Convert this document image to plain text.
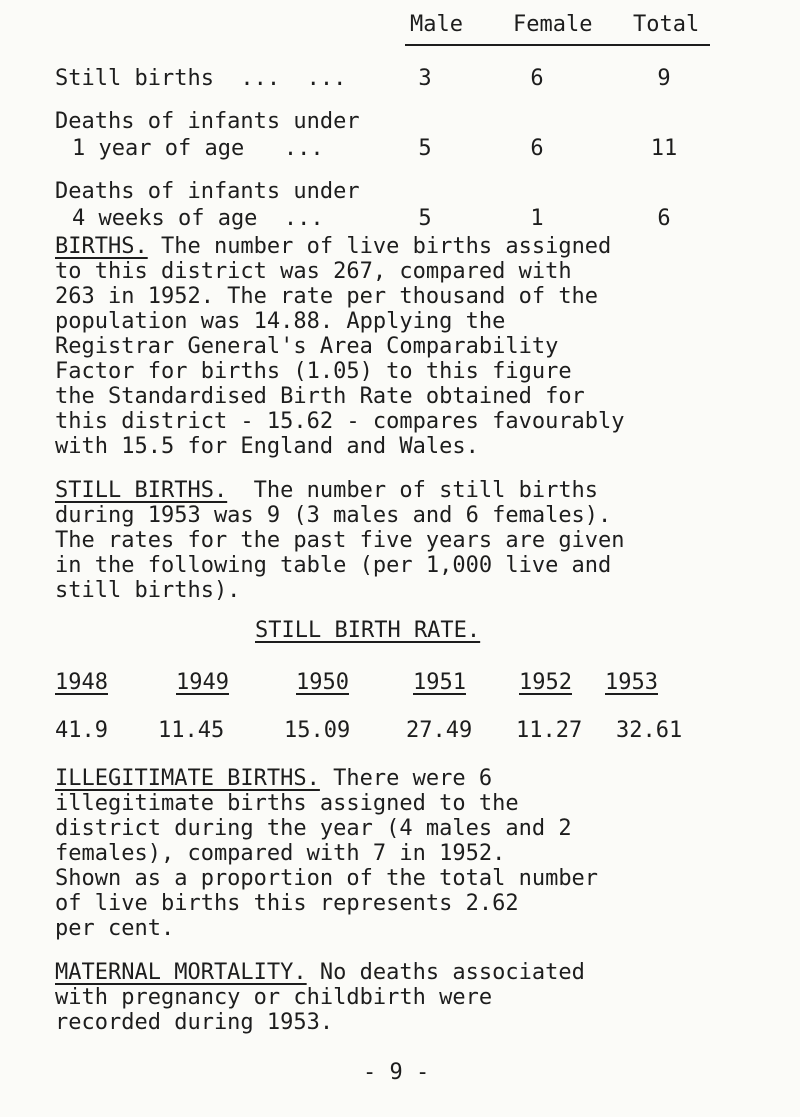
Male Female Total
Still births  ...  ...	3	6	9
Deaths of infants under
1 year of age   ...	5	6	11
Deaths of infants under
4 weeks of age  ...	5	1	6
BIRTHS. The number of live births assigned
to this district was 267, compared with
263 in 1952. The rate per thousand of the
population was 14.88. Applying the
Registrar General's Area Comparability
Factor for births (1.05) to this figure
the Standardised Birth Rate obtained for
this district - 15.62 - compares favourably
with 15.5 for England and Wales.
STILL BIRTHS.  The number of still births
during 1953 was 9 (3 males and 6 females).
The rates for the past five years are given
in the following table (per 1,000 live and
still births).
STILL BIRTH RATE.
1948	1949	1950	1951 1952 1953
41.9 11.45	15.09	27.49 11.27 32.61
ILLEGITIMATE BIRTHS. There were 6
illegitimate births assigned to the
district during the year (4 males and 2
females), compared with 7 in 1952.
Shown as a proportion of the total number
of live births this represents 2.62
per cent.
MATERNAL MORTALITY. No deaths associated
with pregnancy or childbirth were
recorded during 1953.
- 9 -
